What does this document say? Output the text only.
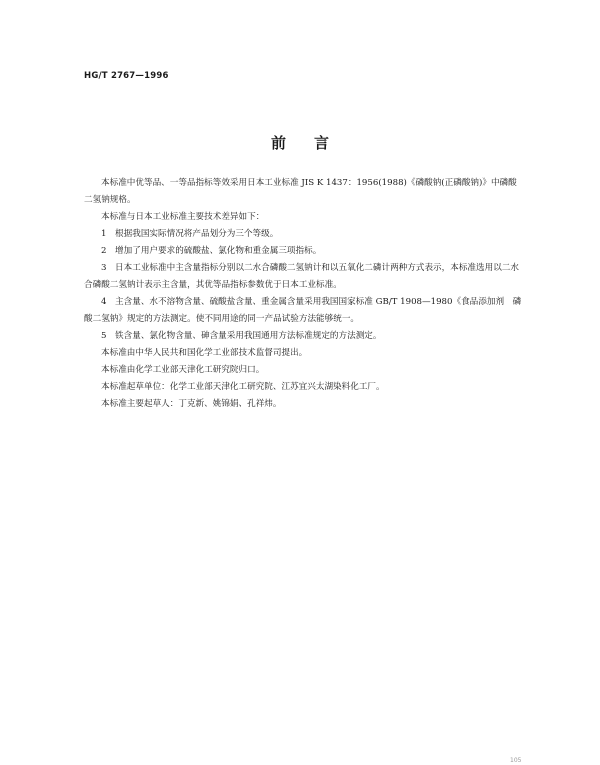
HG/T 2767—1996
前言

本标准中优等品、一等品指标等效采用日本工业标准 JIS K 1437：1956(1988)《磷酸钠(正磷酸钠)》中磷酸二氢钠规格。

本标准与日本工业标准主要技术差异如下：

1　根据我国实际情况将产品划分为三个等级。

2　增加了用户要求的硫酸盐、氯化物和重金属三项指标。

3　日本工业标准中主含量指标分别以二水合磷酸二氢钠计和以五氧化二磷计两种方式表示，本标准选用以二水合磷酸二氢钠计表示主含量，其优等品指标参数优于日本工业标准。

4　主含量、水不溶物含量、硫酸盐含量、重金属含量采用我国国家标准 GB/T 1908—1980《食品添加剂　磷酸二氢钠》规定的方法测定。使不同用途的同一产品试验方法能够统一。

5　铁含量、氯化物含量、砷含量采用我国通用方法标准规定的方法测定。

本标准由中华人民共和国化学工业部技术监督司提出。

本标准由化学工业部天津化工研究院归口。

本标准起草单位：化学工业部天津化工研究院、江苏宜兴太湖染料化工厂。

本标准主要起草人：丁克新、姚锦娟、孔祥炜。

105
